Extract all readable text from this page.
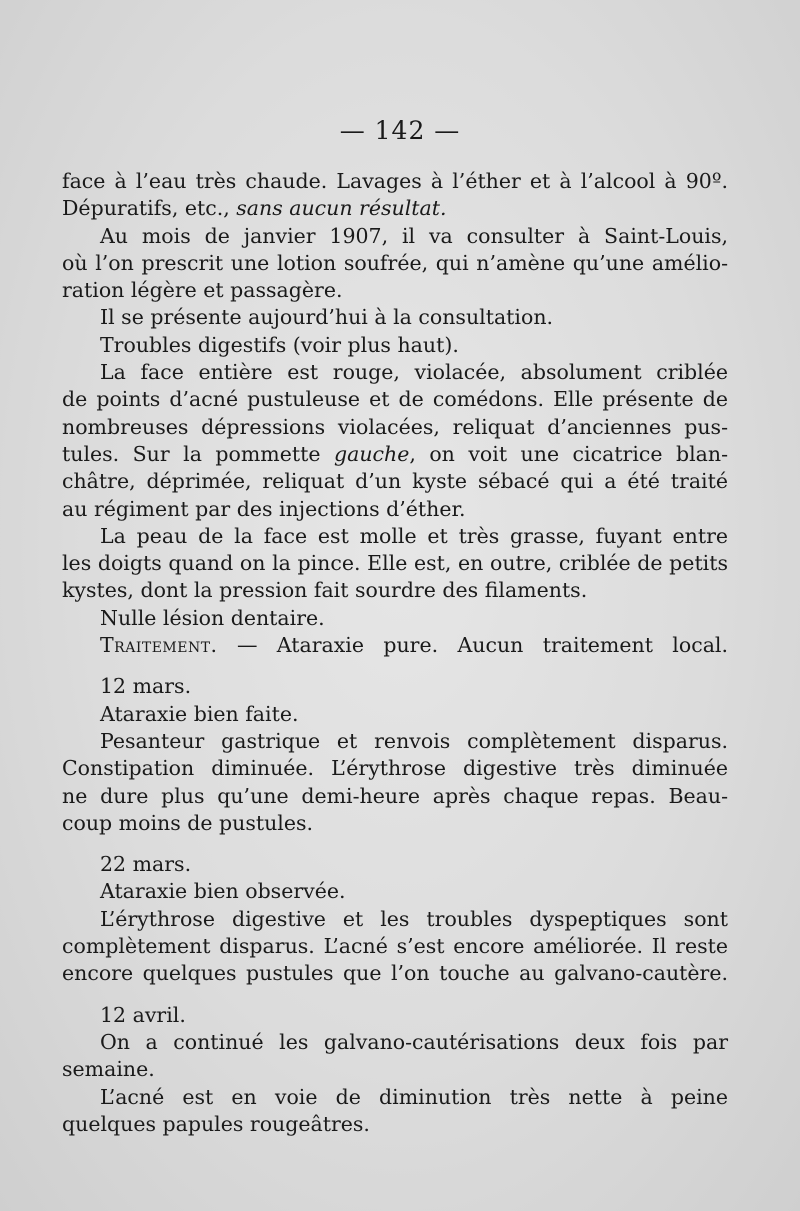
— 142 —
face à l’eau très chaude. Lavages à l’éther et à l’alcool à 90º.
Dépuratifs, etc., sans aucun résultat.
Au mois de janvier 1907, il va consulter à Saint-Louis,
où l’on prescrit une lotion soufrée, qui n’amène qu’une amélio-
ration légère et passagère.
Il se présente aujourd’hui à la consultation.
Troubles digestifs (voir plus haut).
La face entière est rouge, violacée, absolument criblée
de points d’acné pustuleuse et de comédons. Elle présente de
nombreuses dépressions violacées, reliquat d’anciennes pus-
tules. Sur la pommette gauche, on voit une cicatrice blan-
châtre, déprimée, reliquat d’un kyste sébacé qui a été traité
au régiment par des injections d’éther.
La peau de la face est molle et très grasse, fuyant entre
les doigts quand on la pince. Elle est, en outre, criblée de petits
kystes, dont la pression fait sourdre des filaments.
Nulle lésion dentaire.
Traitement. — Ataraxie pure. Aucun traitement local.
12 mars.
Ataraxie bien faite.
Pesanteur gastrique et renvois complètement disparus.
Constipation diminuée. L’érythrose digestive très diminuée
ne dure plus qu’une demi-heure après chaque repas. Beau-
coup moins de pustules.
22 mars.
Ataraxie bien observée.
L’érythrose digestive et les troubles dyspeptiques sont
complètement disparus. L’acné s’est encore améliorée. Il reste
encore quelques pustules que l’on touche au galvano-cautère.
12 avril.
On a continué les galvano-cautérisations deux fois par
semaine.
L’acné est en voie de diminution très nette à peine
quelques papules rougeâtres.
